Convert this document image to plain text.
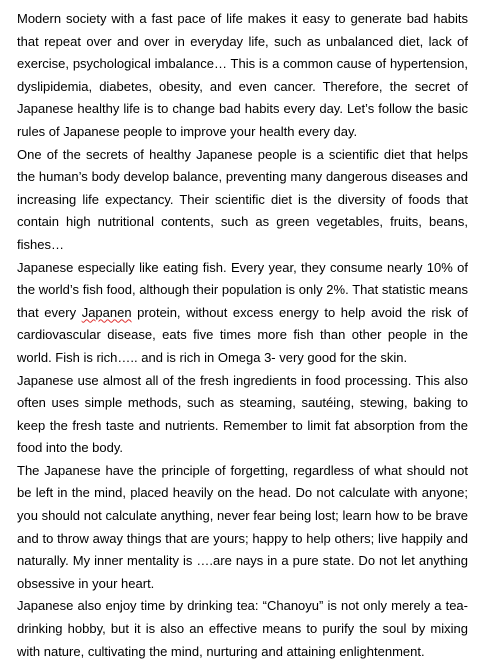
Modern society with a fast pace of life makes it easy to generate bad habits that repeat over and over in everyday life, such as unbalanced diet, lack of exercise, psychological imbalance… This is a common cause of hypertension, dyslipidemia, diabetes, obesity, and even cancer. Therefore, the secret of Japanese healthy life is to change bad habits every day. Let’s follow the basic rules of Japanese people to improve your health every day.

One of the secrets of healthy Japanese people is a scientific diet that helps the human’s body develop balance, preventing many dangerous diseases and increasing life expectancy. Their scientific diet is the diversity of foods that contain high nutritional contents, such as green vegetables, fruits, beans, fishes…

Japanese especially like eating fish. Every year, they consume nearly 10% of the world’s fish food, although their population is only 2%. That statistic means that every Japanen protein, without excess energy to help avoid the risk of cardiovascular disease, eats five times more fish than other people in the world. Fish is rich….. and is rich in Omega 3- very good for the skin.

Japanese use almost all of the fresh ingredients in food processing. This also often uses simple methods, such as steaming, sautéing, stewing, baking to keep the fresh taste and nutrients. Remember to limit fat absorption from the food into the body.

The Japanese have the principle of forgetting, regardless of what should not be left in the mind, placed heavily on the head. Do not calculate with anyone; you should not calculate anything, never fear being lost; learn how to be brave and to throw away things that are yours; happy to help others; live happily and naturally. My inner mentality is ….are nays in a pure state. Do not let anything obsessive in your heart.

Japanese also enjoy time by drinking tea: “Chanoyu” is not only merely a tea-drinking hobby, but it is also an effective means to purify the soul by mixing with nature, cultivating the mind, nurturing and attaining enlightenment.
